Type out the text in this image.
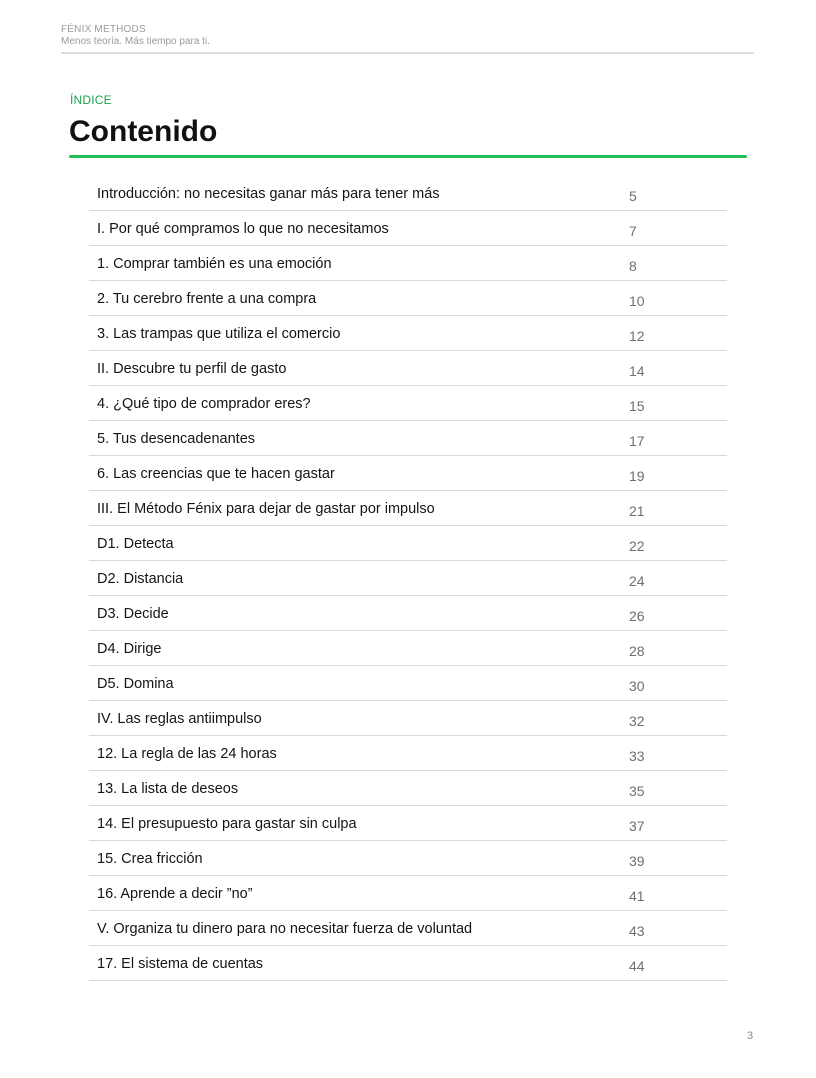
FÉNIX METHODS
Menos teoría. Más tiempo para ti.
ÍNDICE
Contenido
Introducción: no necesitas ganar más para tener más	5
I. Por qué compramos lo que no necesitamos	7
1. Comprar también es una emoción	8
2. Tu cerebro frente a una compra	10
3. Las trampas que utiliza el comercio	12
II. Descubre tu perfil de gasto	14
4. ¿Qué tipo de comprador eres?	15
5. Tus desencadenantes	17
6. Las creencias que te hacen gastar	19
III. El Método Fénix para dejar de gastar por impulso	21
D1. Detecta	22
D2. Distancia	24
D3. Decide	26
D4. Dirige	28
D5. Domina	30
IV. Las reglas antiimpulso	32
12. La regla de las 24 horas	33
13. La lista de deseos	35
14. El presupuesto para gastar sin culpa	37
15. Crea fricción	39
16. Aprende a decir ”no”	41
V. Organiza tu dinero para no necesitar fuerza de voluntad	43
17. El sistema de cuentas	44
3
